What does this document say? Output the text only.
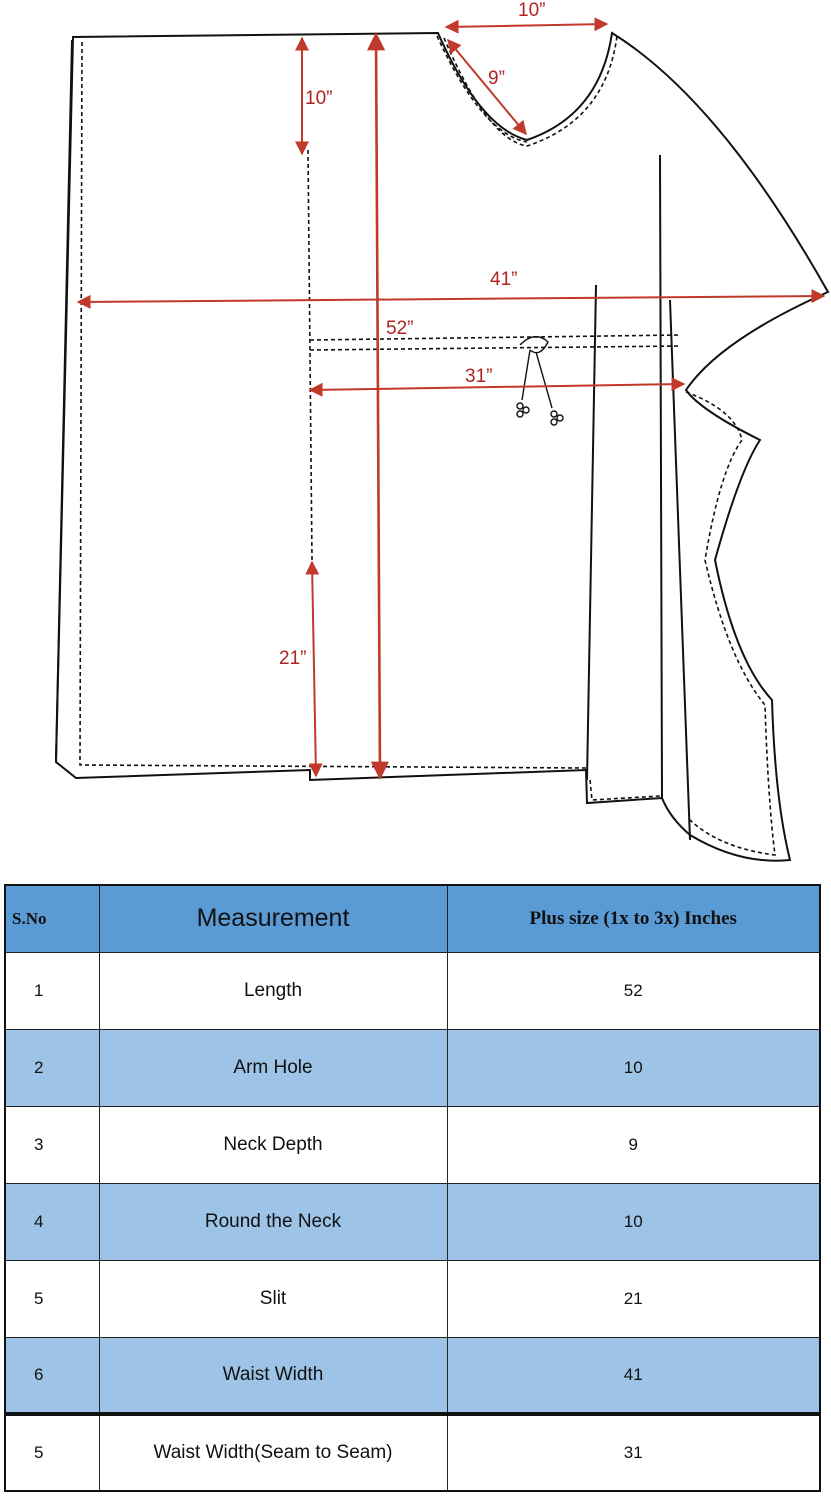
10”
9”
10”
52”
41”
31”
21”
S.No	Measurement	Plus size (1x to 3x) Inches
1	Length	52
2	Arm Hole	10
3	Neck Depth	9
4	Round the Neck	10
5	Slit	21
6	Waist Width	41
5	Waist Width(Seam to Seam)	31
